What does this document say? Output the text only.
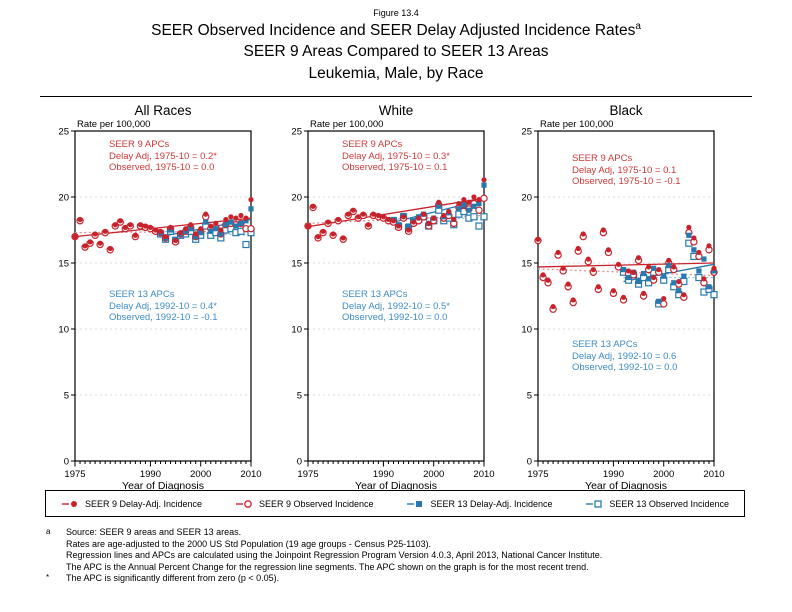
Figure 13.4
SEER Observed Incidence and SEER Delay Adjusted Incidence Rates$^a$
SEER 9 Areas Compared to SEER 13 Areas
Leukemia, Male, by Race
All Races
Rate per 100,000
0
5
10
15
20
25
1975	1990	2000	2010
SEER 9 APCs
Delay Adj, 1975-10 = 0.2*
Observed, 1975-10 = 0.0
SEER 13 APCs
Delay Adj, 1992-10 = 0.4*
Observed, 1992-10 = -0.1
Year of Diagnosis
White
Rate per 100,000
0
5
10
15
20
25
1975	1990	2000	2010
SEER 9 APCs
Delay Adj, 1975-10 = 0.3*
Observed, 1975-10 = 0.1
SEER 13 APCs
Delay Adj, 1992-10 = 0.5*
Observed, 1992-10 = 0.0
Year of Diagnosis
Black
Rate per 100,000
0
5
10
15
20
25
1975	1990	2000	2010
SEER 9 APCs
Delay Adj, 1975-10 = 0.1
Observed, 1975-10 = -0.1
SEER 13 APCs
Delay Adj, 1992-10 = 0.6
Observed, 1992-10 = 0.0
Year of Diagnosis
SEER 9 Delay-Adj. Incidence	SEER 9 Observed Incidence	SEER 13 Delay-Adj. Incidence	SEER 13 Observed Incidence
a	Source: SEER 9 areas and SEER 13 areas.
Rates are age-adjusted to the 2000 US Std Population (19 age groups - Census P25-1103).
Regression lines and APCs are calculated using the Joinpoint Regression Program Version 4.0.3, April 2013, National Cancer Institute.
The APC is the Annual Percent Change for the regression line segments. The APC shown on the graph is for the most recent trend.
*	The APC is significantly different from zero (p < 0.05).
